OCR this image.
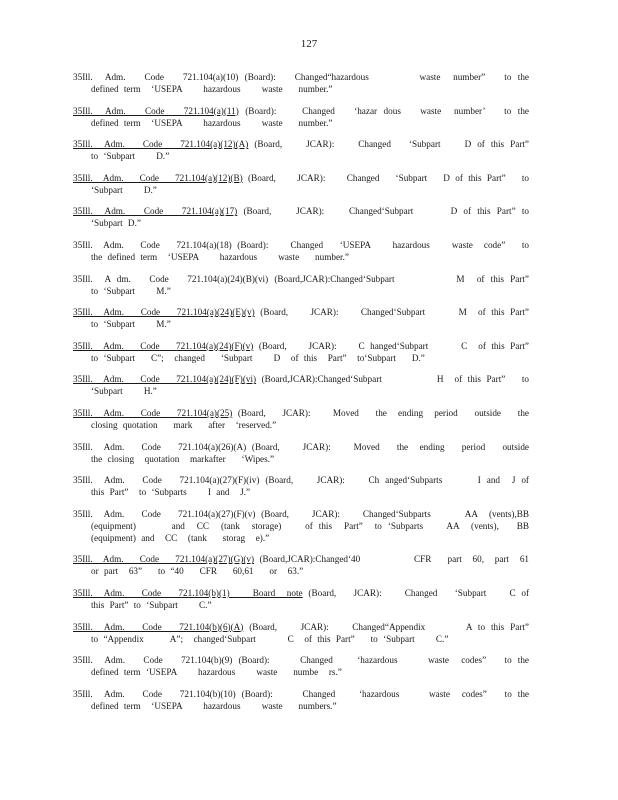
127

35Ill.  Adm.   Code   721.104(a)(10) (Board):   Changed“hazardous        waste  number”   to the defined term  ‘USEPA    hazardous    waste   number.”

35Ill.  Adm.   Code   721.104(a)(11) (Board):    Changed   ‘hazar dous   waste  number’   to the defined term  ‘USEPA    hazardous    waste   number.”

35Ill.  Adm.   Code   721.104(a)(12)(A) (Board,    JCAR):    Changed   ‘Subpart    D of this Part”   to ‘Subpart    D.”

35Ill.  Adm.   Code   721.104(a)(12)(B) (Board,    JCAR):    Changed   ‘Subpart   D of this Part”   to ‘Subpart    D.”

35Ill.  Adm.   Code   721.104(a)(17) (Board,    JCAR):    Changed‘Subpart      D of this Part” to ‘Subpart D.”

35Ill.  Adm.   Code   721.104(a)(18) (Board):    Changed   ‘USEPA    hazardous    waste  code”   to the defined term  ‘USEPA    hazardous    waste   number.”

35Ill.  A dm.   Code   721.104(a)(24)(B)(vi) (Board,JCAR):Changed‘Subpart          M  of this Part”   to ‘Subpart    M.”

35Ill.  Adm.   Code   721.104(a)(24)(E)(v) (Board,    JCAR):    Changed‘Subpart      M  of this Part”   to ‘Subpart    M.”

35Ill.  Adm.   Code   721.104(a)(24)(F)(v) (Board,    JCAR):    C hanged‘Subpart      C  of this Part”   to ‘Subpart   C”;  changed   ‘Subpart    D  of this  Part”  to‘Subpart   D.”

35Ill.  Adm.   Code   721.104(a)(24)(F)(vi) (Board,JCAR):Changed‘Subpart          H  of this Part”   to ‘Subpart    H.”

35Ill.  Adm.   Code   721.104(a)(25) (Board,   JCAR):    Moved   the  ending  period   outside   the  closing quotation   mark   after  ‘reserved.”

35Ill.  Adm.   Code   721.104(a)(26)(A) (Board,    JCAR):    Moved   the  ending   period   outside   the closing  quotation  markafter   ‘Wipes.”

35Ill.  Adm.   Code   721.104(a)(27)(F)(iv) (Board,    JCAR):    Ch anged‘Subparts      I and  J of this Part”  to ‘Subparts    I and  J.”

35Ill.  Adm.   Code   721.104(a)(27)(F)(v) (Board,    JCAR):    Changed‘Subparts      AA  (vents),BB (equipment)      and  CC  (tank  storage)    of this  Part”  to ‘Subparts    AA  (vents),   BB  (equipment) and  CC  (tank   storag  e).”

35Ill.  Adm.   Code   721.104(a)(27)(G)(v) (Board,JCAR):Changed‘40          CFR   part  60,  part  61  or part  63”   to “40   CFR   60,61   or  63.”

35Ill.  Adm.   Code   721.104(b)(1)    Board  note (Board,   JCAR):    Changed   ‘Subpart    C of this Part” to ‘Subpart    C.”

35Ill.  Adm.   Code   721.104(b)(6)(A) (Board,    JCAR):    Changed“Appendix       A to this Part”   to “Appendix     A”;  changed‘Subpart      C  of this Part”   to ‘Subpart    C.”

35Ill.  Adm.   Code   721.104(b)(9) (Board):     Changed    ‘hazardous     waste  codes”   to the defined term ‘USEPA    hazardous    waste   numbe  rs.”

35Ill.  Adm.   Code   721.104(b)(10) (Board):     Changed    ‘hazardous     waste  codes”   to the defined term  ‘USEPA    hazardous    waste   numbers.”
